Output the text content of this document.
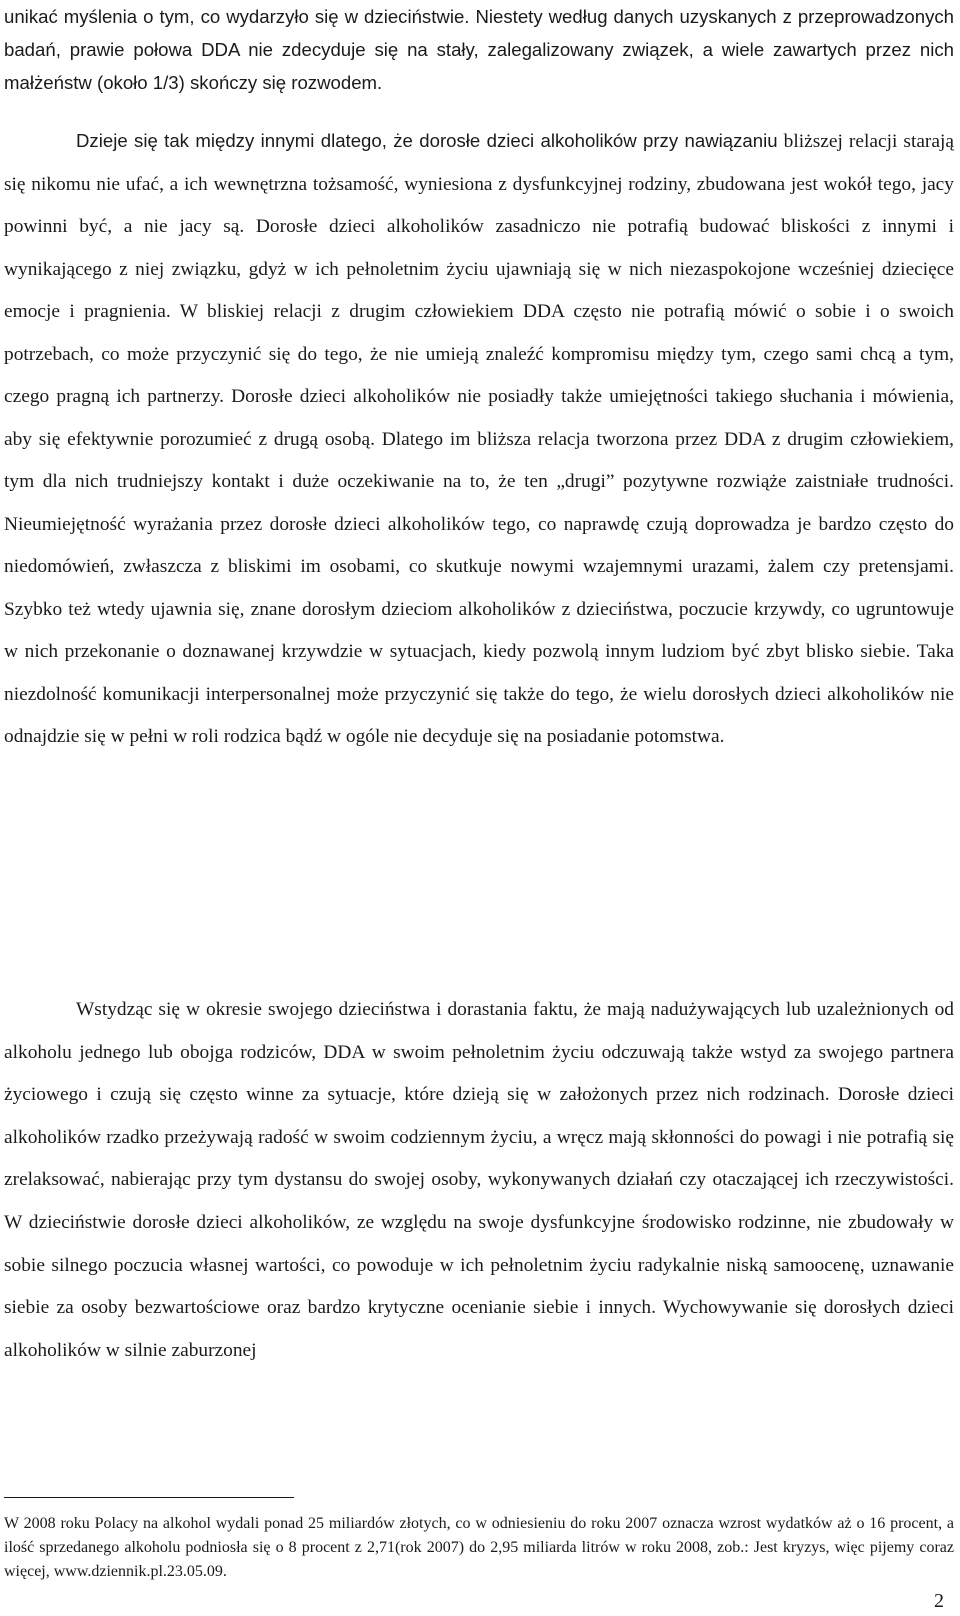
unikać myślenia o tym, co wydarzyło się w dzieciństwie. Niestety według danych uzyskanych z przeprowadzonych badań, prawie połowa DDA nie zdecyduje się na stały, zalegalizowany związek, a wiele zawartych przez nich małżeństw (około 1/3) skończy się rozwodem.

Dzieje się tak między innymi dlatego, że dorosłe dzieci alkoholików przy nawiązaniu bliższej relacji starają się nikomu nie ufać, a ich wewnętrzna tożsamość, wyniesiona z dysfunkcyjnej rodziny, zbudowana jest wokół tego, jacy powinni być, a nie jacy są. Dorosłe dzieci alkoholików zasadniczo nie potrafią budować bliskości z innymi i wynikającego z niej związku, gdyż w ich pełnoletnim życiu ujawniają się w nich niezaspokojone wcześniej dziecięce emocje i pragnienia. W bliskiej relacji z drugim człowiekiem DDA często nie potrafią mówić o sobie i o swoich potrzebach, co może przyczynić się do tego, że nie umieją znaleźć kompromisu między tym, czego sami chcą a tym, czego pragną ich partnerzy. Dorosłe dzieci alkoholików nie posiadły także umiejętności takiego słuchania i mówienia, aby się efektywnie porozumieć z drugą osobą. Dlatego im bliższa relacja tworzona przez DDA z drugim człowiekiem, tym dla nich trudniejszy kontakt i duże oczekiwanie na to, że ten „drugi” pozytywne rozwiąże zaistniałe trudności. Nieumiejętność wyrażania przez dorosłe dzieci alkoholików tego, co naprawdę czują doprowadza je bardzo często do niedomówień, zwłaszcza z bliskimi im osobami, co skutkuje nowymi wzajemnymi urazami, żalem czy pretensjami. Szybko też wtedy ujawnia się, znane dorosłym dzieciom alkoholików z dzieciństwa, poczucie krzywdy, co ugruntowuje w nich przekonanie o doznawanej krzywdzie w sytuacjach, kiedy pozwolą innym ludziom być zbyt blisko siebie. Taka niezdolność komunikacji interpersonalnej może przyczynić się także do tego, że wielu dorosłych dzieci alkoholików nie odnajdzie się w pełni w roli rodzica bądź w ogóle nie decyduje się na posiadanie potomstwa.

Wstydząc się w okresie swojego dzieciństwa i dorastania faktu, że mają nadużywających lub uzależnionych od alkoholu jednego lub obojga rodziców, DDA w swoim pełnoletnim życiu odczuwają także wstyd za swojego partnera życiowego i czują się często winne za sytuacje, które dzieją się w założonych przez nich rodzinach. Dorosłe dzieci alkoholików rzadko przeżywają radość w swoim codziennym życiu, a wręcz mają skłonności do powagi i nie potrafią się zrelaksować, nabierając przy tym dystansu do swojej osoby, wykonywanych działań czy otaczającej ich rzeczywistości. W dzieciństwie dorosłe dzieci alkoholików, ze względu na swoje dysfunkcyjne środowisko rodzinne, nie zbudowały w sobie silnego poczucia własnej wartości, co powoduje w ich pełnoletnim życiu radykalnie niską samoocenę, uznawanie siebie za osoby bezwartościowe oraz bardzo krytyczne ocenianie siebie i innych. Wychowywanie się dorosłych dzieci alkoholików w silnie zaburzonej

W 2008 roku Polacy na alkohol wydali ponad 25 miliardów złotych, co w odniesieniu do roku 2007 oznacza wzrost wydatków aż o 16 procent, a ilość sprzedanego alkoholu podniosła się o 8 procent z 2,71(rok 2007) do 2,95 miliarda litrów w roku 2008, zob.: Jest kryzys, więc pijemy coraz więcej, www.dziennik.pl.23.05.09.

2
